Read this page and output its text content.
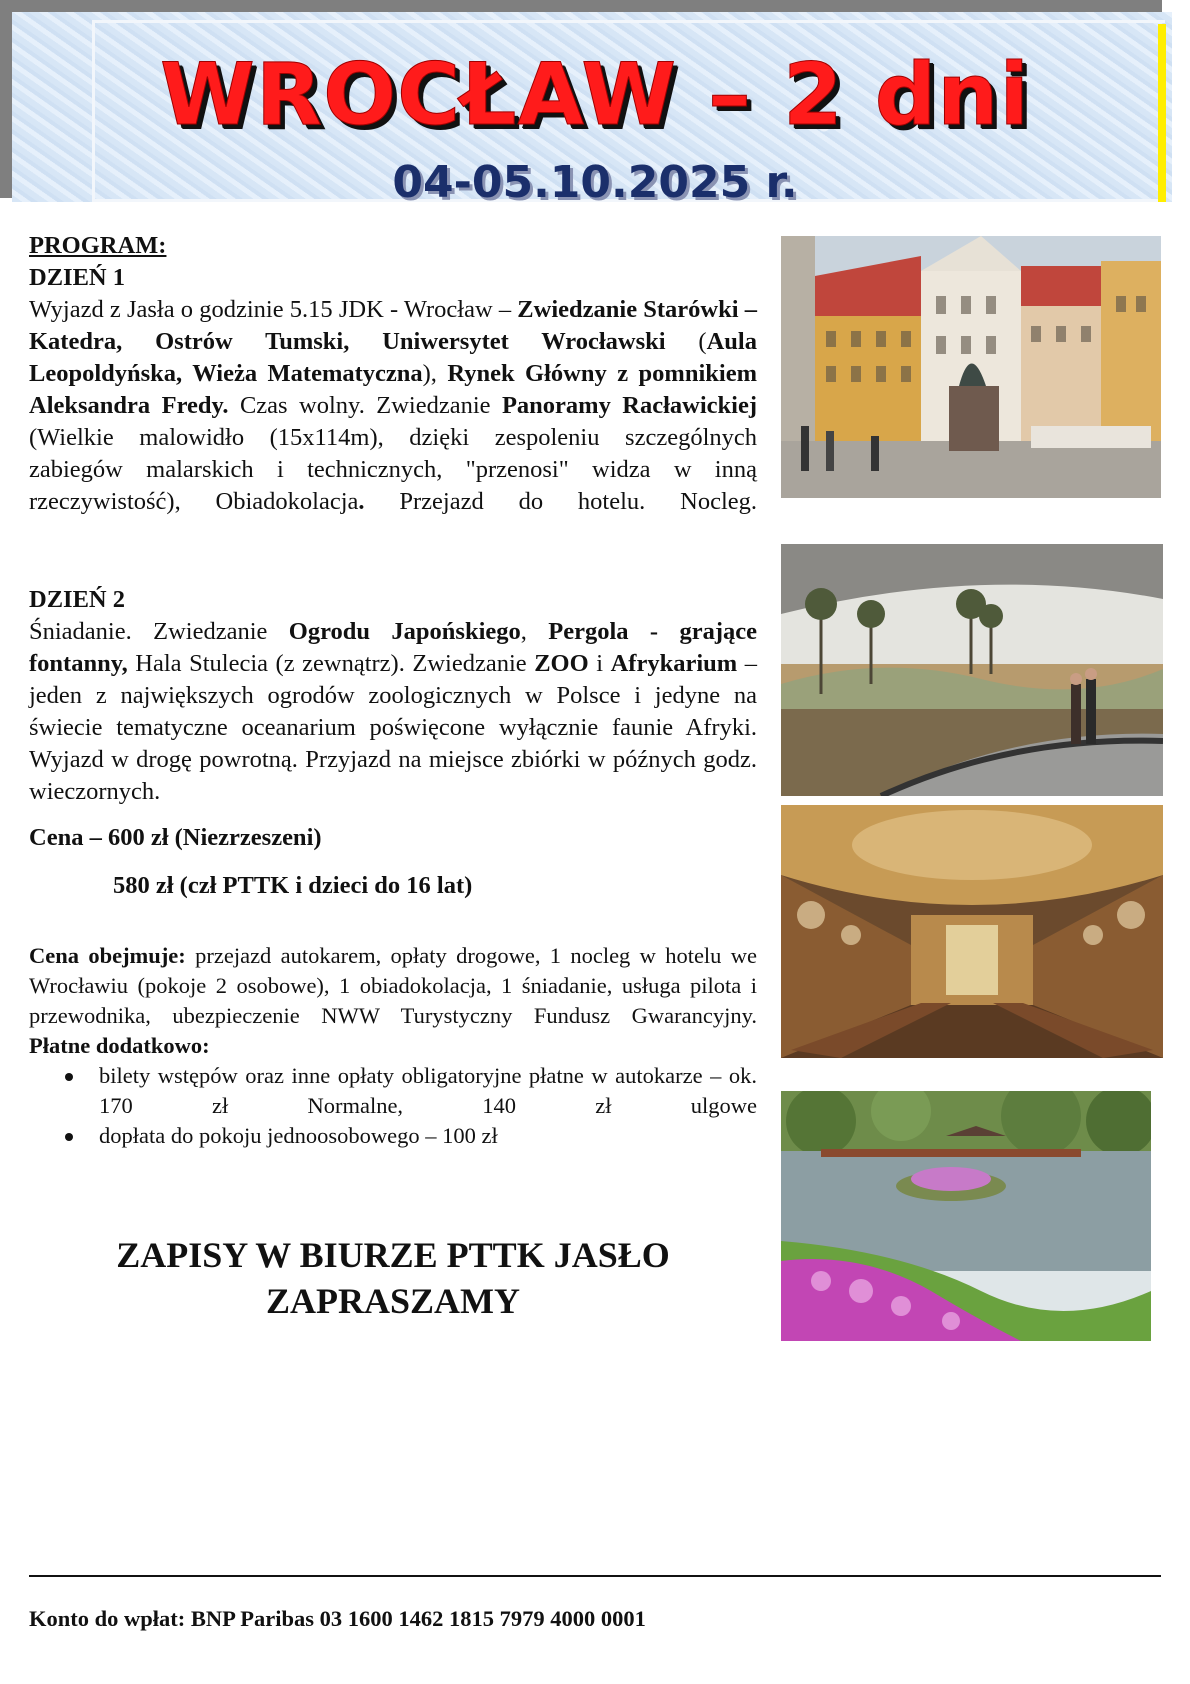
WROCŁAW – 2 dni
04-05.10.2025 r.
PROGRAM:
DZIEŃ 1
Wyjazd z Jasła o godzinie 5.15 JDK - Wrocław – Zwiedzanie Starówki – Katedra, Ostrów Tumski, Uniwersytet Wrocławski (Aula Leopoldyńska, Wieża Matematyczna), Rynek Główny z pomnikiem Aleksandra Fredy. Czas wolny. Zwiedzanie Panoramy Racławickiej (Wielkie malowidło (15x114m), dzięki zespoleniu szczególnych zabiegów malarskich i technicznych, "przenosi" widza w inną rzeczywistość), Obiadokolacja. Przejazd do hotelu. Nocleg.
DZIEŃ 2
Śniadanie. Zwiedzanie Ogrodu Japońskiego, Pergola - grające fontanny, Hala Stulecia (z zewnątrz). Zwiedzanie ZOO i Afrykarium – jeden z największych ogrodów zoologicznych w Polsce i jedyne na świecie tematyczne oceanarium poświęcone wyłącznie faunie Afryki. Wyjazd w drogę powrotną. Przyjazd na miejsce zbiórki w późnych godz. wieczornych.
Cena – 600 zł (Niezrzeszeni)
580 zł (czł PTTK i dzieci do 16 lat)
Cena obejmuje: przejazd autokarem, opłaty drogowe, 1 nocleg w hotelu we Wrocławiu (pokoje 2 osobowe), 1 obiadokolacja, 1 śniadanie, usługa pilota i przewodnika, ubezpieczenie NWW Turystyczny Fundusz Gwarancyjny.
Płatne dodatkowo:
bilety wstępów oraz inne opłaty obligatoryjne płatne w autokarze – ok. 170 zł Normalne, 140 zł ulgowe
dopłata do pokoju jednoosobowego – 100 zł
ZAPISY W BIURZE PTTK JASŁO
ZAPRASZAMY
Konto do wpłat: BNP Paribas 03 1600 1462 1815 7979 4000 0001
